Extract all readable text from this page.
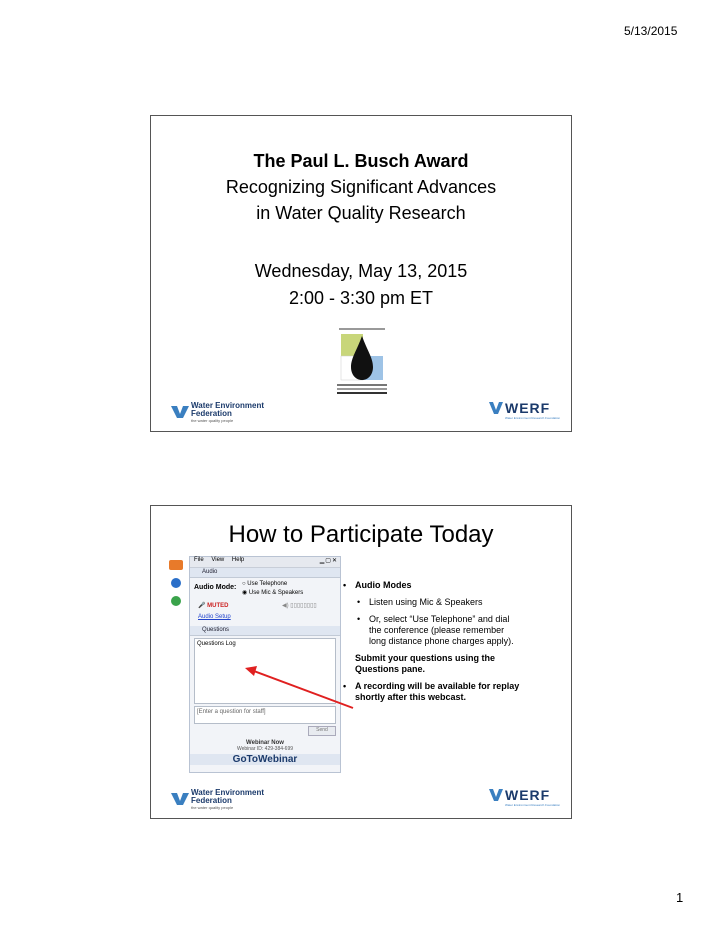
5/13/2015
The Paul L. Busch Award
Recognizing Significant Advances
in Water Quality Research
Wednesday, May 13, 2015
2:00 - 3:30 pm ET
Water Environment
Federation
the water quality people
WERF
Water Environment Research Foundation
How to Participate Today
File View Help	▁▢✕
Audio
Audio Mode: ○ Use Telephone
◉ Use Mic & Speakers
🎤 MUTED	◀) ▯▯▯▯▯▯▯▯
Audio Setup
Questions
Questions Log
[Enter a question for staff]
Send
Webinar Now
Webinar ID: 429-384-699
GoToWebinar
• Audio Modes
• Listen using Mic & Speakers
• Or, select “Use Telephone” and dial the conference (please remember long distance phone charges apply).
Submit your questions using the Questions pane.
• A recording will be available for replay shortly after this webcast.
Water Environment
Federation
the water quality people
WERF
Water Environment Research Foundation
1
